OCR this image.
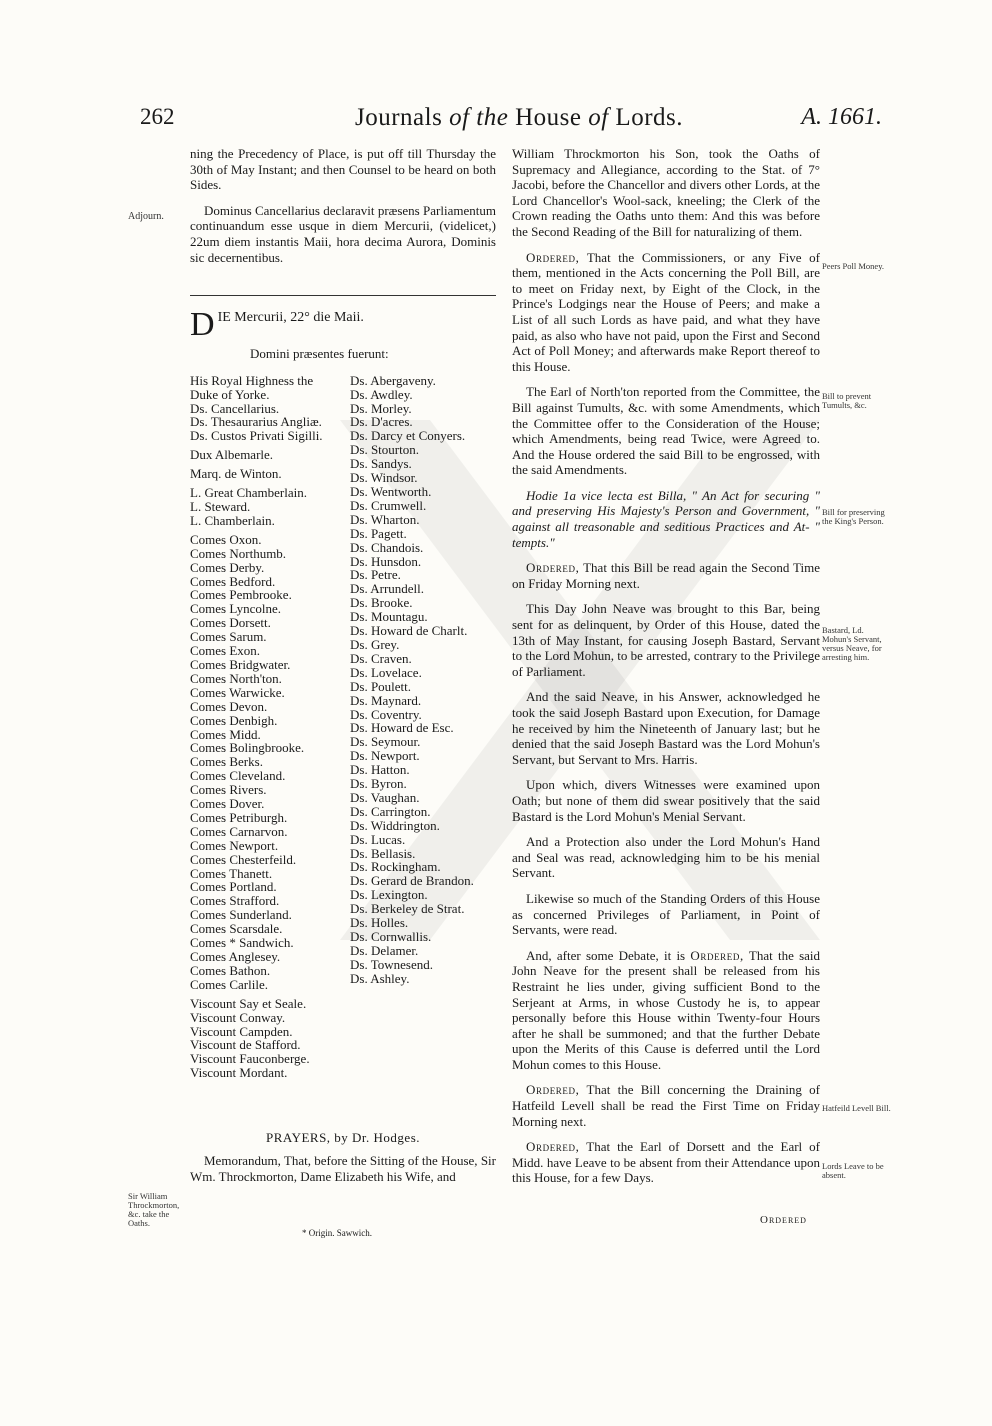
262	Journals of the House of Lords.	A. 1661.

ning the Precedency of Place, is put off till Thursday the 30th of May Instant; and then Counsel to be heard on both Sides.

Dominus Cancellarius declaravit præsens Parliamentum continuandum esse usque in diem Mercurii, (videlicet,) 22um diem instantis Maii, hora decima Aurora, Dominis sic decernentibus.

D IE Mercurii, 22° die Maii.
Domini præsentes fuerunt:
His Royal Highness the
Duke of Yorke.
Ds. Cancellarius.
Ds. Thesaurarius Angliæ.
Ds. Custos Privati Sigilli.
Dux Albemarle.
Marq. de Winton.
L. Great Chamberlain.
L. Steward.
L. Chamberlain.
Comes Oxon.
Comes Northumb.
Comes Derby.
Comes Bedford.
Comes Pembrooke.
Comes Lyncolne.
Comes Dorsett.
Comes Sarum.
Comes Exon.
Comes Bridgwater.
Comes North'ton.
Comes Warwicke.
Comes Devon.
Comes Denbigh.
Comes Midd.
Comes Bolingbrooke.
Comes Berks.
Comes Cleveland.
Comes Rivers.
Comes Dover.
Comes Petriburgh.
Comes Carnarvon.
Comes Newport.
Comes Chesterfeild.
Comes Thanett.
Comes Portland.
Comes Strafford.
Comes Sunderland.
Comes Scarsdale.
Comes * Sandwich.
Comes Anglesey.
Comes Bathon.
Comes Carlile.
Viscount Say et Seale.
Viscount Conway.
Viscount Campden.
Viscount de Stafford.
Viscount Fauconberge.
Viscount Mordant.
Ds. Abergaveny.
Ds. Awdley.
Ds. Morley.
Ds. D'acres.
Ds. Darcy et Conyers.
Ds. Stourton.
Ds. Sandys.
Ds. Windsor.
Ds. Wentworth.
Ds. Crumwell.
Ds. Wharton.
Ds. Pagett.
Ds. Chandois.
Ds. Hunsdon.
Ds. Petre.
Ds. Arrundell.
Ds. Brooke.
Ds. Mountagu.
Ds. Howard de Charlt.
Ds. Grey.
Ds. Craven.
Ds. Lovelace.
Ds. Poulett.
Ds. Maynard.
Ds. Coventry.
Ds. Howard de Esc.
Ds. Seymour.
Ds. Newport.
Ds. Hatton.
Ds. Byron.
Ds. Vaughan.
Ds. Carrington.
Ds. Widdrington.
Ds. Lucas.
Ds. Bellasis.
Ds. Rockingham.
Ds. Gerard de Brandon.
Ds. Lexington.
Ds. Berkeley de Strat.
Ds. Holles.
Ds. Cornwallis.
Ds. Delamer.
Ds. Townesend.
Ds. Ashley.
PRAYERS, by Dr. Hodges.

Memorandum, That, before the Sitting of the House, Sir Wm. Throckmorton, Dame Elizabeth his Wife, and

William Throckmorton his Son, took the Oaths of Supremacy and Allegiance, according to the Stat. of 7° Jacobi, before the Chancellor and divers other Lords, at the Lord Chancellor's Wool-sack, kneeling; the Clerk of the Crown reading the Oaths unto them: And this was before the Second Reading of the Bill for naturalizing of them.

Ordered, That the Commissioners, or any Five of them, mentioned in the Acts concerning the Poll Bill, are to meet on Friday next, by Eight of the Clock, in the Prince's Lodgings near the House of Peers; and make a List of all such Lords as have paid, and what they have paid, as also who have not paid, upon the First and Second Act of Poll Money; and afterwards make Report thereof to this House.

The Earl of North'ton reported from the Committee, the Bill against Tumults, &c. with some Amendments, which the Committee offer to the Consideration of the House; which Amendments, being read Twice, were Agreed to. And the House ordered the said Bill to be engrossed, with the said Amendments.

Hodie 1a vice lecta est Billa, " An Act for securing " and preserving His Majesty's Person and Government, " against all treasonable and seditious Practices and At- " tempts."

Ordered, That this Bill be read again the Second Time on Friday Morning next.

This Day John Neave was brought to this Bar, being sent for as delinquent, by Order of this House, dated the 13th of May Instant, for causing Joseph Bastard, Servant to the Lord Mohun, to be arrested, contrary to the Privilege of Parliament.

And the said Neave, in his Answer, acknowledged he took the said Joseph Bastard upon Execution, for Damage he received by him the Nineteenth of January last; but he denied that the said Joseph Bastard was the Lord Mohun's Servant, but Servant to Mrs. Harris.

Upon which, divers Witnesses were examined upon Oath; but none of them did swear positively that the said Bastard is the Lord Mohun's Menial Servant.

And a Protection also under the Lord Mohun's Hand and Seal was read, acknowledging him to be his menial Servant.

Likewise so much of the Standing Orders of this House as concerned Privileges of Parliament, in Point of Servants, were read.

And, after some Debate, it is Ordered, That the said John Neave for the present shall be released from his Restraint he lies under, giving sufficient Bond to the Serjeant at Arms, in whose Custody he is, to appear personally before this House within Twenty-four Hours after he shall be summoned; and that the further Debate upon the Merits of this Cause is deferred until the Lord Mohun comes to this House.

Ordered, That the Bill concerning the Draining of Hatfeild Levell shall be read the First Time on Friday Morning next.

Ordered, That the Earl of Dorsett and the Earl of Midd. have Leave to be absent from their Attendance upon this House, for a few Days.

Adjourn.
Sir William Throckmorton, &c. take the Oaths.
Peers Poll Money.
Bill to prevent Tumults, &c.
Bill for preserving the King's Person.
Bastard, Ld. Mohun's Servant, versus Neave, for arresting him.
Hatfeild Levell Bill.
Lords Leave to be absent.
* Origin. Sawwich.
Ordered
